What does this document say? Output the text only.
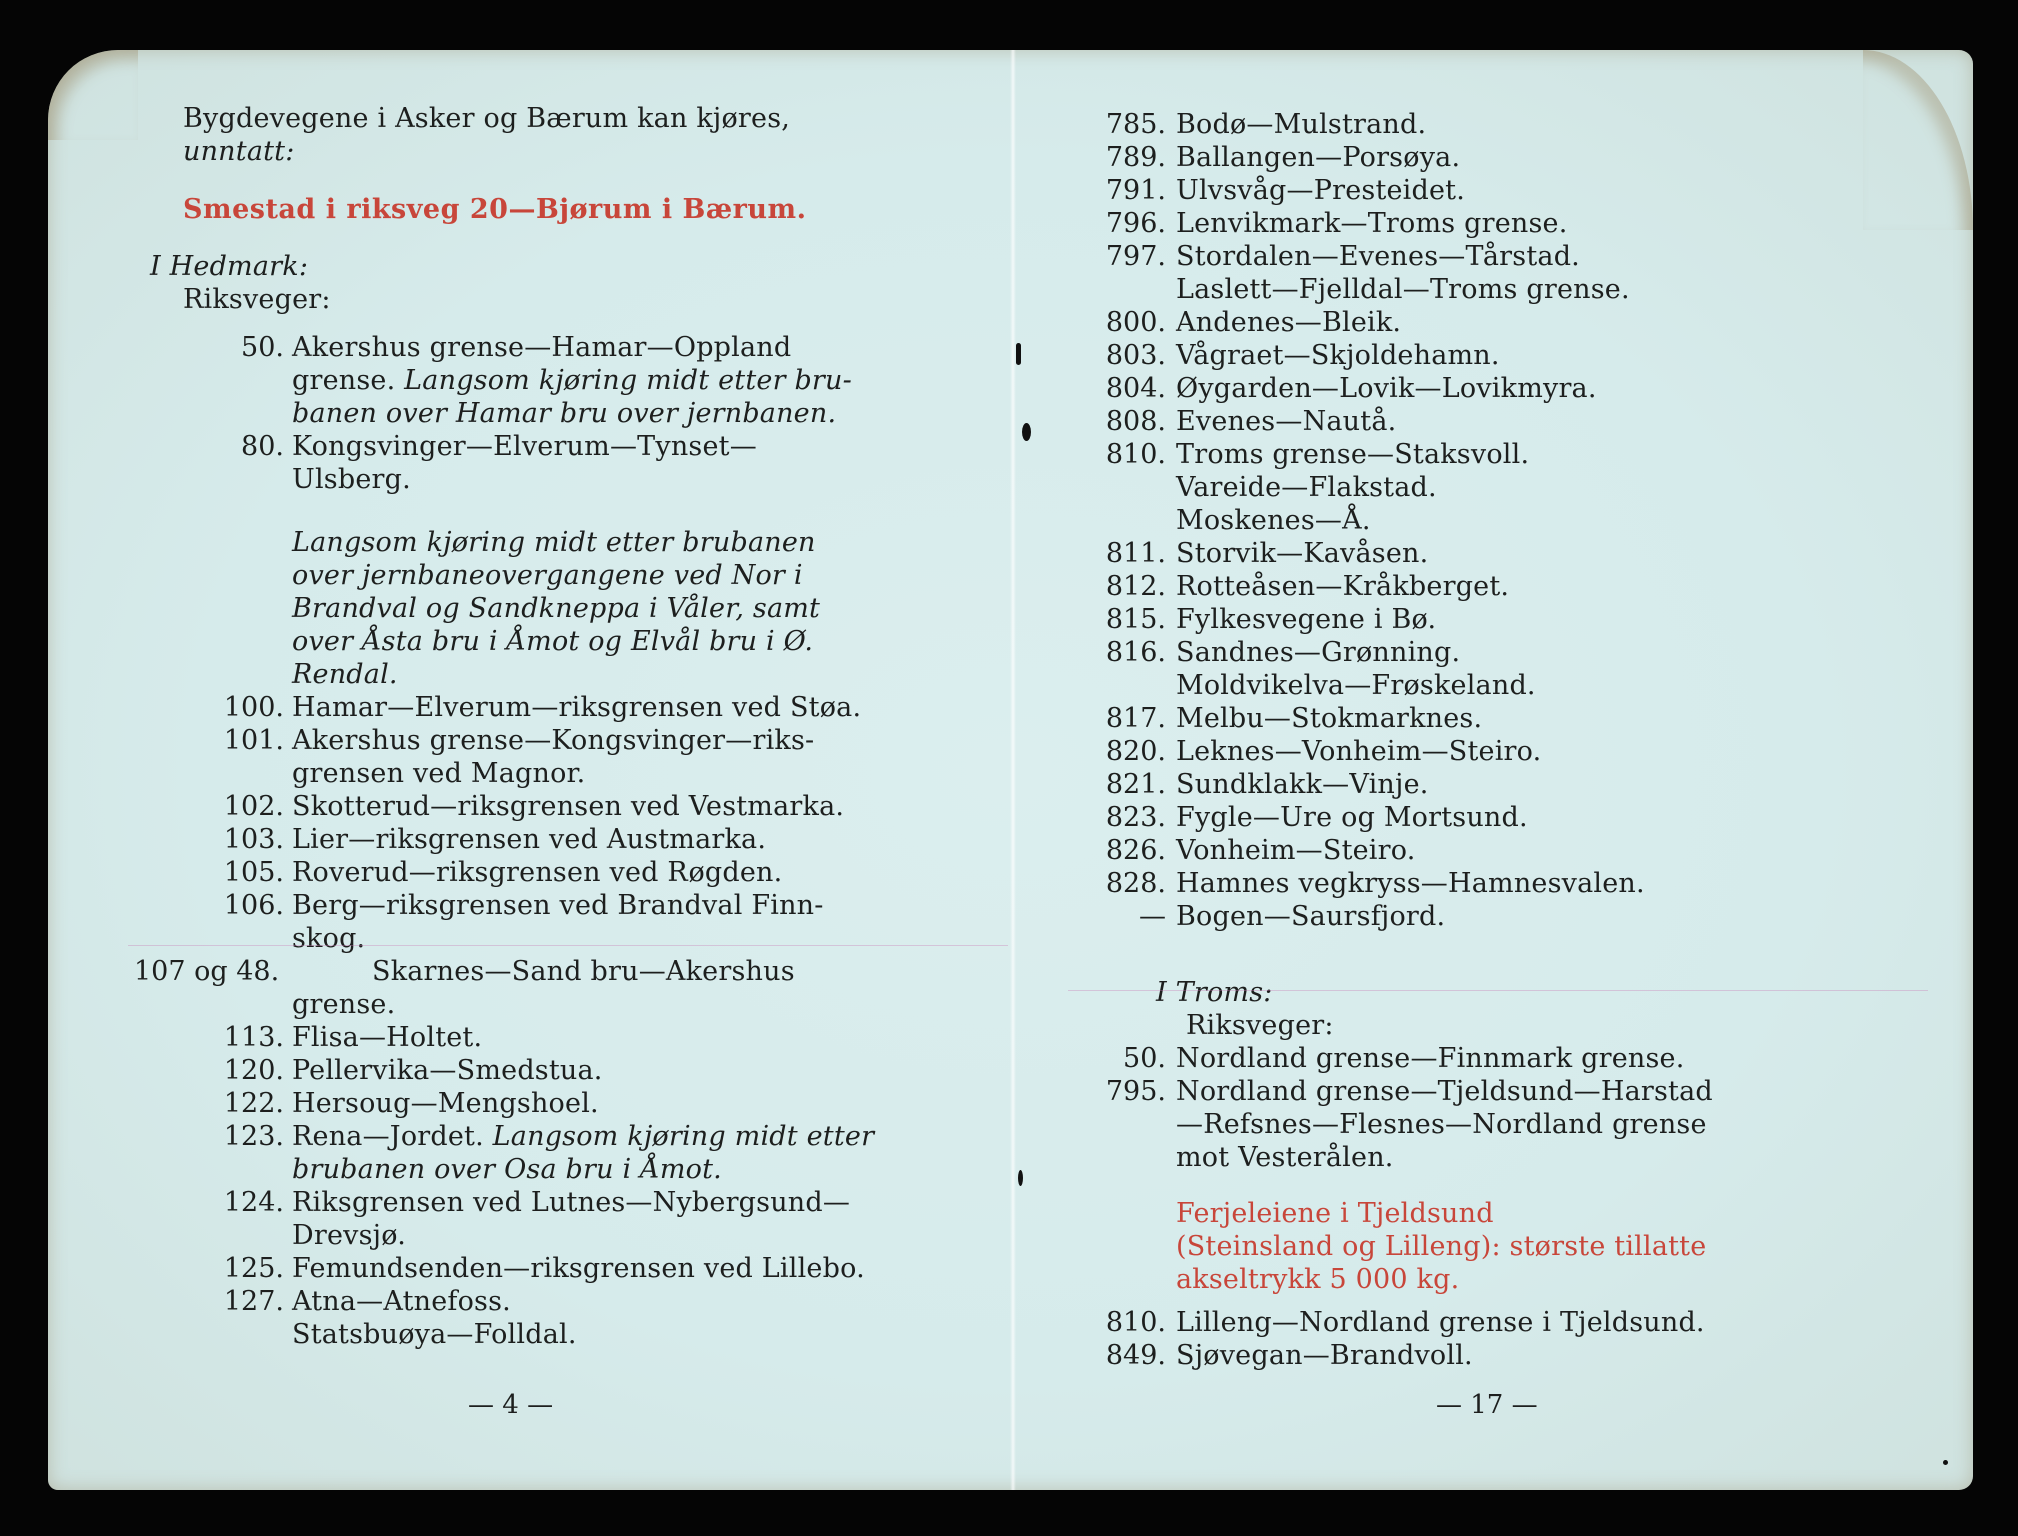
Bygdevegene i Asker og Bærum kan kjøres,
unntatt:
Smestad i riksveg 20—Bjørum i Bærum.
I Hedmark:
Riksveger:
50. Akershus grense—Hamar—Oppland
grense. Langsom kjøring midt etter bru-
banen over Hamar bru over jernbanen.
80. Kongsvinger—Elverum—Tynset—
Ulsberg.
Langsom kjøring midt etter brubanen
over jernbaneovergangene ved Nor i
Brandval og Sandkneppa i Våler, samt
over Åsta bru i Åmot og Elvål bru i Ø.
Rendal.
100. Hamar—Elverum—riksgrensen ved Støa.
101. Akershus grense—Kongsvinger—riks-
grensen ved Magnor.
102. Skotterud—riksgrensen ved Vestmarka.
103. Lier—riksgrensen ved Austmarka.
105. Roverud—riksgrensen ved Røgden.
106. Berg—riksgrensen ved Brandval Finn-
skog.
107 og 48.	Skarnes—Sand bru—Akershus
grense.
113. Flisa—Holtet.
120. Pellervika—Smedstua.
122. Hersoug—Mengshoel.
123. Rena—Jordet. Langsom kjøring midt etter
brubanen over Osa bru i Åmot.
124. Riksgrensen ved Lutnes—Nybergsund—
Drevsjø.
125. Femundsenden—riksgrensen ved Lillebo.
127. Atna—Atnefoss.
Statsbuøya—Folldal.
— 4 —
785. Bodø—Mulstrand.
789. Ballangen—Porsøya.
791. Ulvsvåg—Presteidet.
796. Lenvikmark—Troms grense.
797. Stordalen—Evenes—Tårstad.
Laslett—Fjelldal—Troms grense.
800. Andenes—Bleik.
803. Vågraet—Skjoldehamn.
804. Øygarden—Lovik—Lovikmyra.
808. Evenes—Nautå.
810. Troms grense—Staksvoll.
Vareide—Flakstad.
Moskenes—Å.
811. Storvik—Kavåsen.
812. Rotteåsen—Kråkberget.
815. Fylkesvegene i Bø.
816. Sandnes—Grønning.
Moldvikelva—Frøskeland.
817. Melbu—Stokmarknes.
820. Leknes—Vonheim—Steiro.
821. Sundklakk—Vinje.
823. Fygle—Ure og Mortsund.
826. Vonheim—Steiro.
828. Hamnes vegkryss—Hamnesvalen.
— Bogen—Saursfjord.
I Troms:
Riksveger:
50. Nordland grense—Finnmark grense.
795. Nordland grense—Tjeldsund—Harstad
—Refsnes—Flesnes—Nordland grense
mot Vesterålen.
Ferjeleiene i Tjeldsund
(Steinsland og Lilleng): største tillatte
akseltrykk 5 000 kg.
810. Lilleng—Nordland grense i Tjeldsund.
849. Sjøvegan—Brandvoll.
— 17 —
